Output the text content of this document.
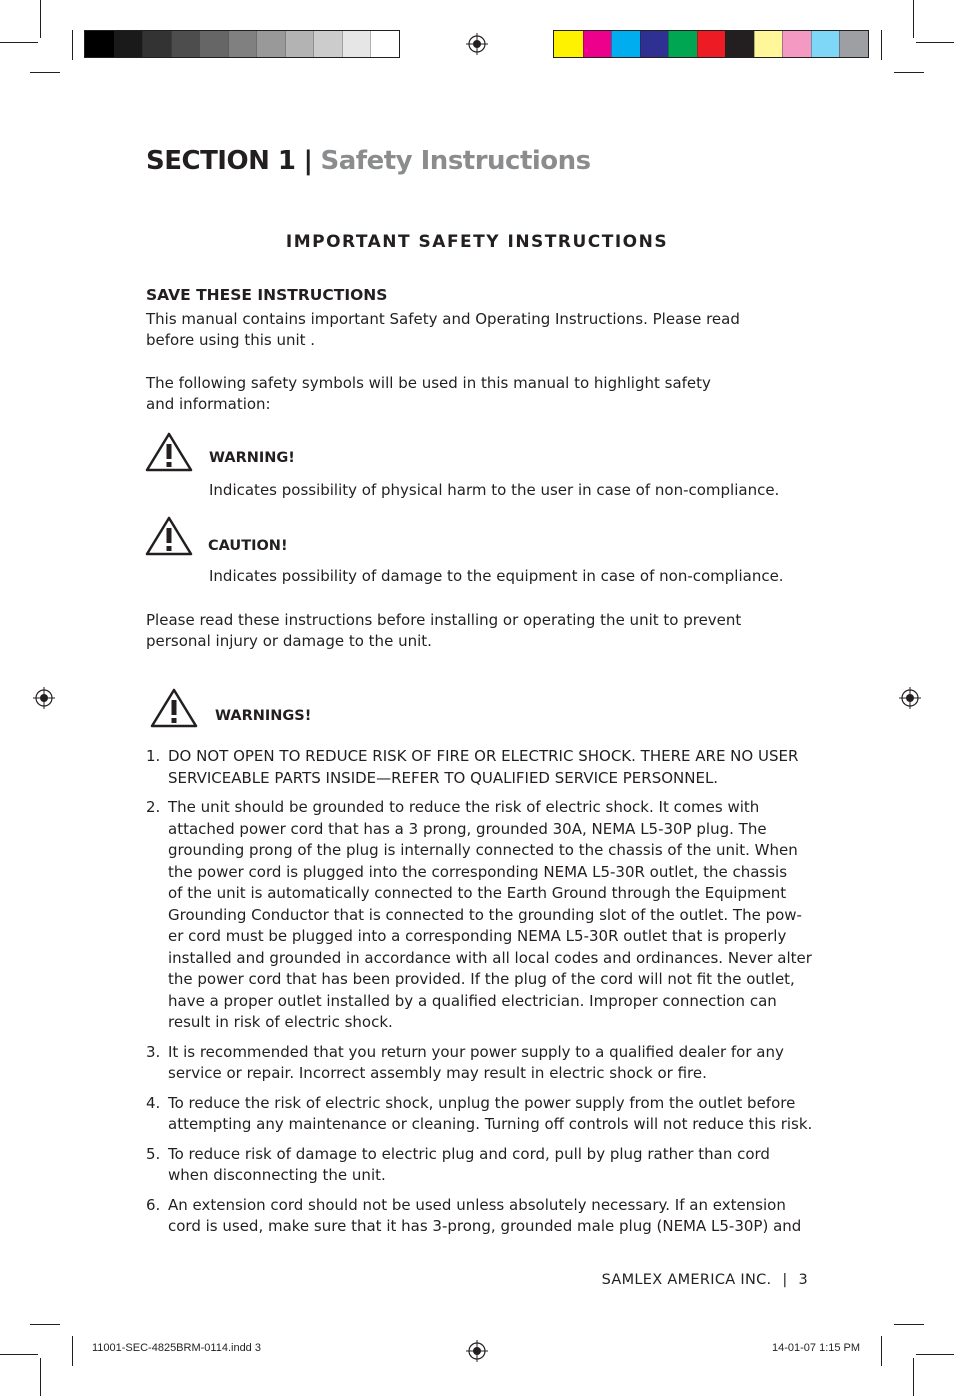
SECTION 1 | Safety Instructions
IMPORTANT SAFETY INSTRUCTIONS
SAVE THESE INSTRUCTIONS
This manual contains important Safety and Operating Instructions. Please read
before using this unit .
The following safety symbols will be used in this manual to highlight safety
and information:
WARNING!
Indicates possibility of physical harm to the user in case of non-compliance.
CAUTION!
Indicates possibility of damage to the equipment in case of non-compliance.
Please read these instructions before installing or operating the unit to prevent
personal injury or damage to the unit.
WARNINGS!
1. DO NOT OPEN TO REDUCE RISK OF FIRE OR ELECTRIC SHOCK. THERE ARE NO USER
SERVICEABLE PARTS INSIDE—REFER TO QUALIFIED SERVICE PERSONNEL.
2. The unit should be grounded to reduce the risk of electric shock. It comes with
attached power cord that has a 3 prong, grounded 30A, NEMA L5-30P plug. The
grounding prong of the plug is internally connected to the chassis of the unit. When
the power cord is plugged into the corresponding NEMA L5-30R outlet, the chassis
of the unit is automatically connected to the Earth Ground through the Equipment
Grounding Conductor that is connected to the grounding slot of the outlet. The pow-
er cord must be plugged into a corresponding NEMA L5-30R outlet that is properly
installed and grounded in accordance with all local codes and ordinances. Never alter
the power cord that has been provided. If the plug of the cord will not fit the outlet,
have a proper outlet installed by a qualified electrician. Improper connection can
result in risk of electric shock.
3. It is recommended that you return your power supply to a qualified dealer for any
service or repair. Incorrect assembly may result in electric shock or fire.
4. To reduce the risk of electric shock, unplug the power supply from the outlet before
attempting any maintenance or cleaning. Turning off controls will not reduce this risk.
5. To reduce risk of damage to electric plug and cord, pull by plug rather than cord
when disconnecting the unit.
6. An extension cord should not be used unless absolutely necessary. If an extension
cord is used, make sure that it has 3-prong, grounded male plug (NEMA L5-30P) and
SAMLEX AMERICA INC. | 3
11001-SEC-4825BRM-0114.indd 3	14-01-07 1:15 PM
